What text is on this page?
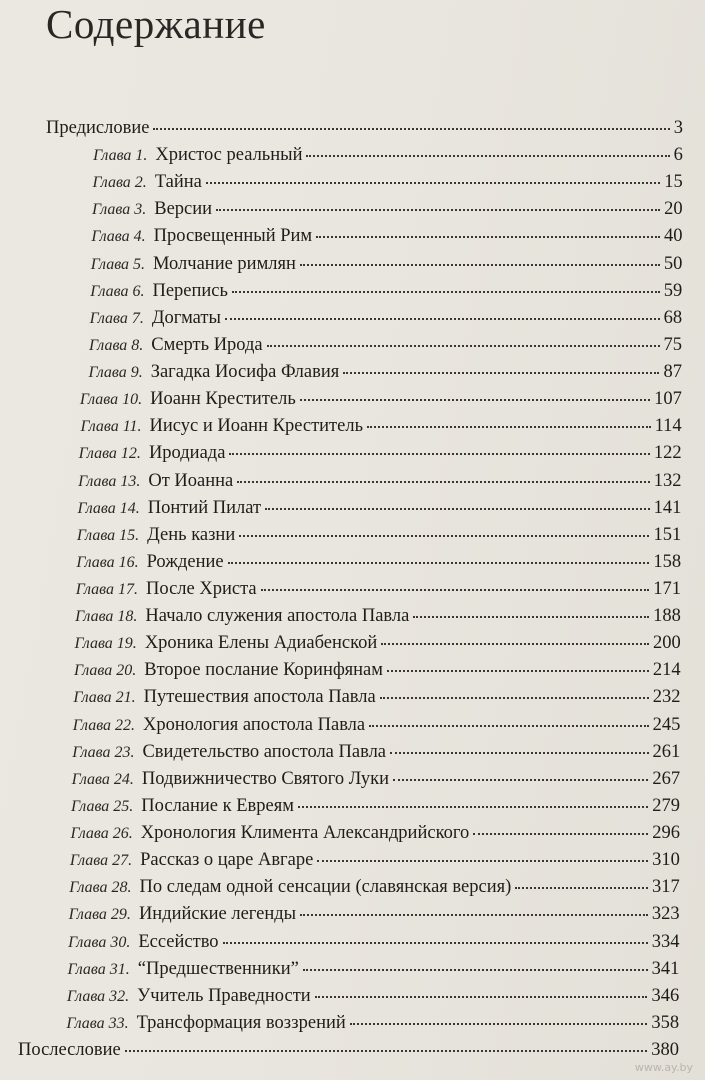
Содержание
Предисловие	3
Глава 1. Христос реальный	6
Глава 2. Тайна	15
Глава 3. Версии	20
Глава 4. Просвещенный Рим	40
Глава 5. Молчание римлян	50
Глава 6. Перепись	59
Глава 7. Догматы	68
Глава 8. Смерть Ирода	75
Глава 9. Загадка Иосифа Флавия	87
Глава 10. Иоанн Креститель	107
Глава 11. Иисус и Иоанн Креститель	114
Глава 12. Иродиада	122
Глава 13. От Иоанна	132
Глава 14. Понтий Пилат	141
Глава 15. День казни	151
Глава 16. Рождение	158
Глава 17. После Христа	171
Глава 18. Начало служения апостола Павла	188
Глава 19. Хроника Елены Адиабенской	200
Глава 20. Второе послание Коринфянам	214
Глава 21. Путешествия апостола Павла	232
Глава 22. Хронология апостола Павла	245
Глава 23. Свидетельство апостола Павла	261
Глава 24. Подвижничество Святого Луки	267
Глава 25. Послание к Евреям	279
Глава 26. Хронология Климента Александрийского	296
Глава 27. Рассказ о царе Авгаре	310
Глава 28. По следам одной сенсации (славянская версия)	317
Глава 29. Индийские легенды	323
Глава 30. Ессейство	334
Глава 31. “Предшественники”	341
Глава 32. Учитель Праведности	346
Глава 33. Трансформация воззрений	358
Послесловие	380
www.ay.by
